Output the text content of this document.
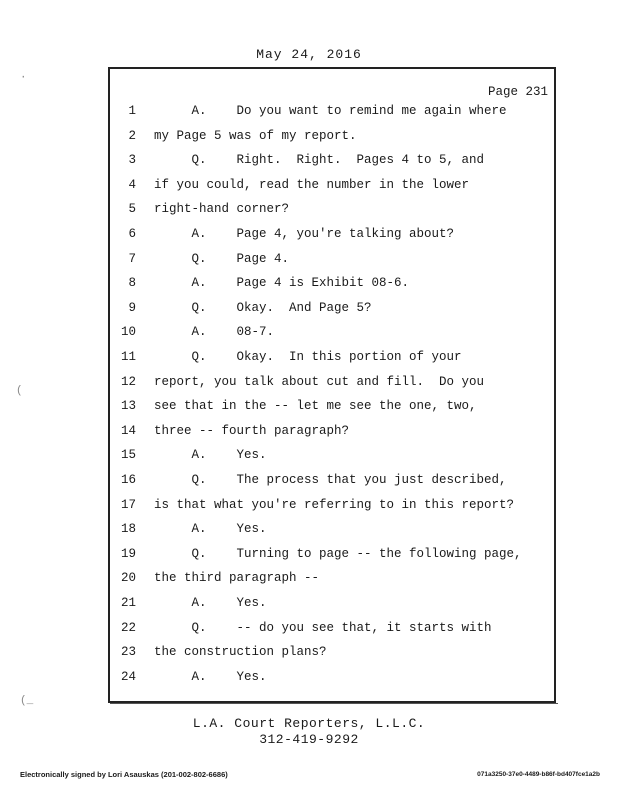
May 24, 2016
Page 231
1 A.    Do you want to remind me again where
2 my Page 5 was of my report.
3 Q.    Right.  Right.  Pages 4 to 5, and
4 if you could, read the number in the lower
5 right-hand corner?
6 A.    Page 4, you're talking about?
7 Q.    Page 4.
8 A.    Page 4 is Exhibit 08-6.
9 Q.    Okay.  And Page 5?
10 A.    08-7.
11 Q.    Okay.  In this portion of your
12 report, you talk about cut and fill.  Do you
13 see that in the -- let me see the one, two,
14 three -- fourth paragraph?
15 A.    Yes.
16 Q.    The process that you just described,
17 is that what you're referring to in this report?
18 A.    Yes.
19 Q.    Turning to page -- the following page,
20 the third paragraph --
21 A.    Yes.
22 Q.    -- do you see that, it starts with
23 the construction plans?
24 A.    Yes.
L.A. Court Reporters, L.L.C.
312-419-9292
Electronically signed by Lori Asauskas (201-002-802-6686)	071a3250-37e0-4489-b86f-bd407fce1a2b
·
(
(_
